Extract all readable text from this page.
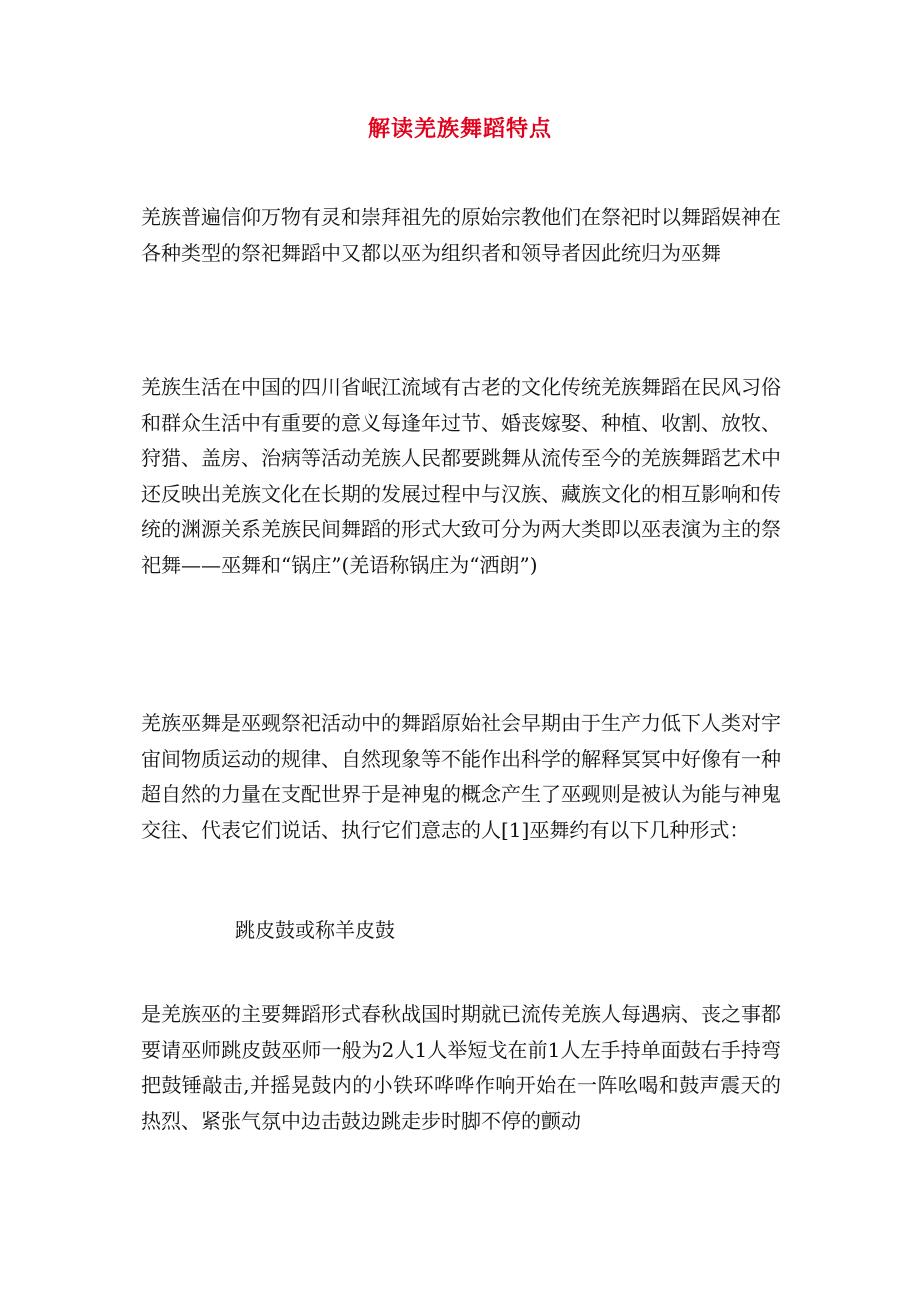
解读羌族舞蹈特点

羌族普遍信仰万物有灵和崇拜祖先的原始宗教他们在祭祀时以舞蹈娱神在各种类型的祭祀舞蹈中又都以巫为组织者和领导者因此统归为巫舞

羌族生活在中国的四川省岷江流域有古老的文化传统羌族舞蹈在民风习俗和群众生活中有重要的意义每逢年过节、婚丧嫁娶、种植、收割、放牧、狩猎、盖房、治病等活动羌族人民都要跳舞从流传至今的羌族舞蹈艺术中还反映出羌族文化在长期的发展过程中与汉族、藏族文化的相互影响和传统的渊源关系羌族民间舞蹈的形式大致可分为两大类即以巫表演为主的祭祀舞——巫舞和“锅庄”(羌语称锅庄为“洒朗”)

羌族巫舞是巫觋祭祀活动中的舞蹈原始社会早期由于生产力低下人类对宇宙间物质运动的规律、自然现象等不能作出科学的解释冥冥中好像有一种超自然的力量在支配世界于是神鬼的概念产生了巫觋则是被认为能与神鬼交往、代表它们说话、执行它们意志的人[1]巫舞约有以下几种形式：

跳皮鼓或称羊皮鼓

是羌族巫的主要舞蹈形式春秋战国时期就已流传羌族人每遇病、丧之事都要请巫师跳皮鼓巫师一般为2人1人举短戈在前1人左手持单面鼓右手持弯把鼓锤敲击,并摇晃鼓内的小铁环哗哗作响开始在一阵吆喝和鼓声震天的热烈、紧张气氛中边击鼓边跳走步时脚不停的颤动
